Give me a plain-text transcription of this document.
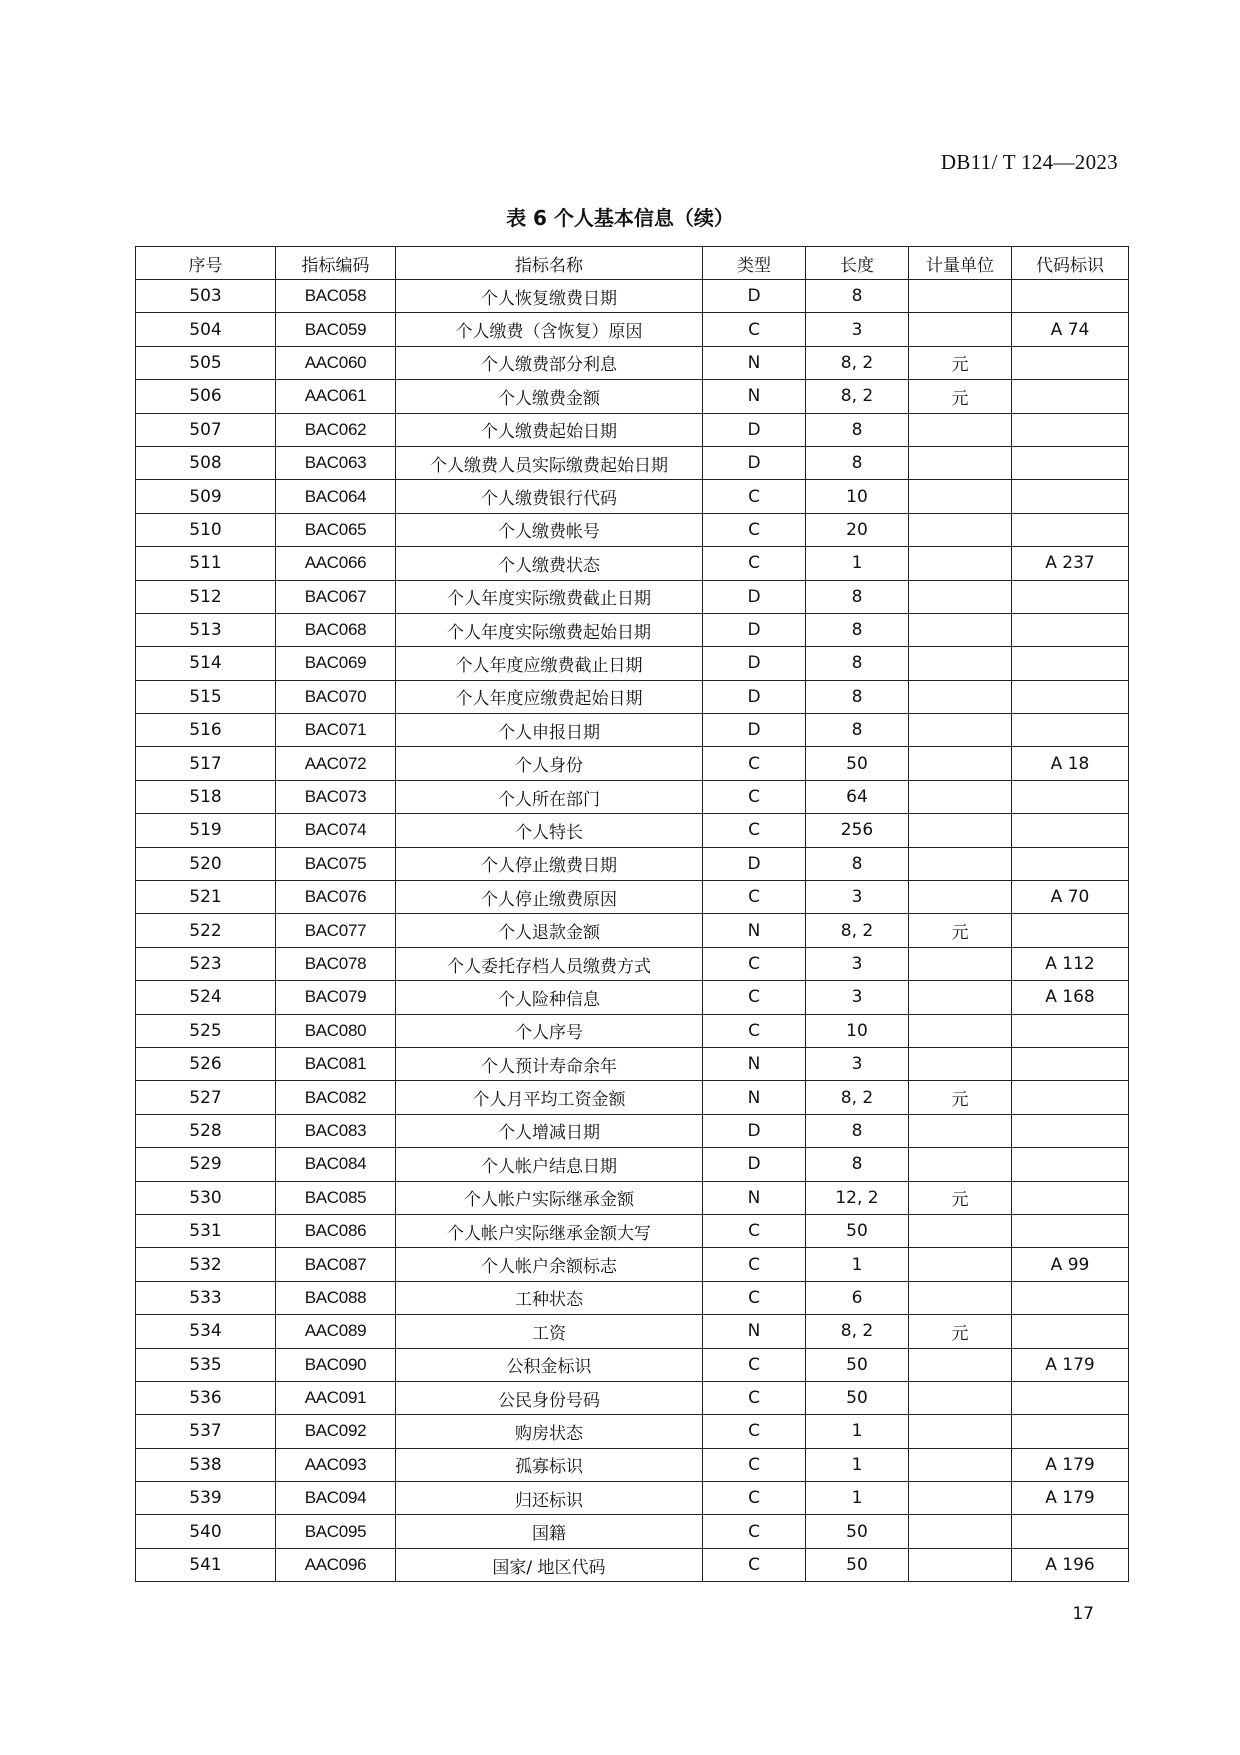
DB11/ T 124—2023
表 6 个人基本信息（续）
序号	指标编码	指标名称	类型	长度	计量单位	代码标识
503	BAC058	个人恢复缴费日期	D	8		
504	BAC059	个人缴费（含恢复）原因	C	3		A 74
505	AAC060	个人缴费部分利息	N	8, 2	元	
506	AAC061	个人缴费金额	N	8, 2	元	
507	BAC062	个人缴费起始日期	D	8		
508	BAC063	个人缴费人员实际缴费起始日期	D	8		
509	BAC064	个人缴费银行代码	C	10		
510	BAC065	个人缴费帐号	C	20		
511	AAC066	个人缴费状态	C	1		A 237
512	BAC067	个人年度实际缴费截止日期	D	8		
513	BAC068	个人年度实际缴费起始日期	D	8		
514	BAC069	个人年度应缴费截止日期	D	8		
515	BAC070	个人年度应缴费起始日期	D	8		
516	BAC071	个人申报日期	D	8		
517	AAC072	个人身份	C	50		A 18
518	BAC073	个人所在部门	C	64		
519	BAC074	个人特长	C	256		
520	BAC075	个人停止缴费日期	D	8		
521	BAC076	个人停止缴费原因	C	3		A 70
522	BAC077	个人退款金额	N	8, 2	元	
523	BAC078	个人委托存档人员缴费方式	C	3		A 112
524	BAC079	个人险种信息	C	3		A 168
525	BAC080	个人序号	C	10		
526	BAC081	个人预计寿命余年	N	3		
527	BAC082	个人月平均工资金额	N	8, 2	元	
528	BAC083	个人增减日期	D	8		
529	BAC084	个人帐户结息日期	D	8		
530	BAC085	个人帐户实际继承金额	N	12, 2	元	
531	BAC086	个人帐户实际继承金额大写	C	50		
532	BAC087	个人帐户余额标志	C	1		A 99
533	BAC088	工种状态	C	6		
534	AAC089	工资	N	8, 2	元	
535	BAC090	公积金标识	C	50		A 179
536	AAC091	公民身份号码	C	50		
537	BAC092	购房状态	C	1		
538	AAC093	孤寡标识	C	1		A 179
539	BAC094	归还标识	C	1		A 179
540	BAC095	国籍	C	50		
541	AAC096	国家/ 地区代码	C	50		A 196
17
